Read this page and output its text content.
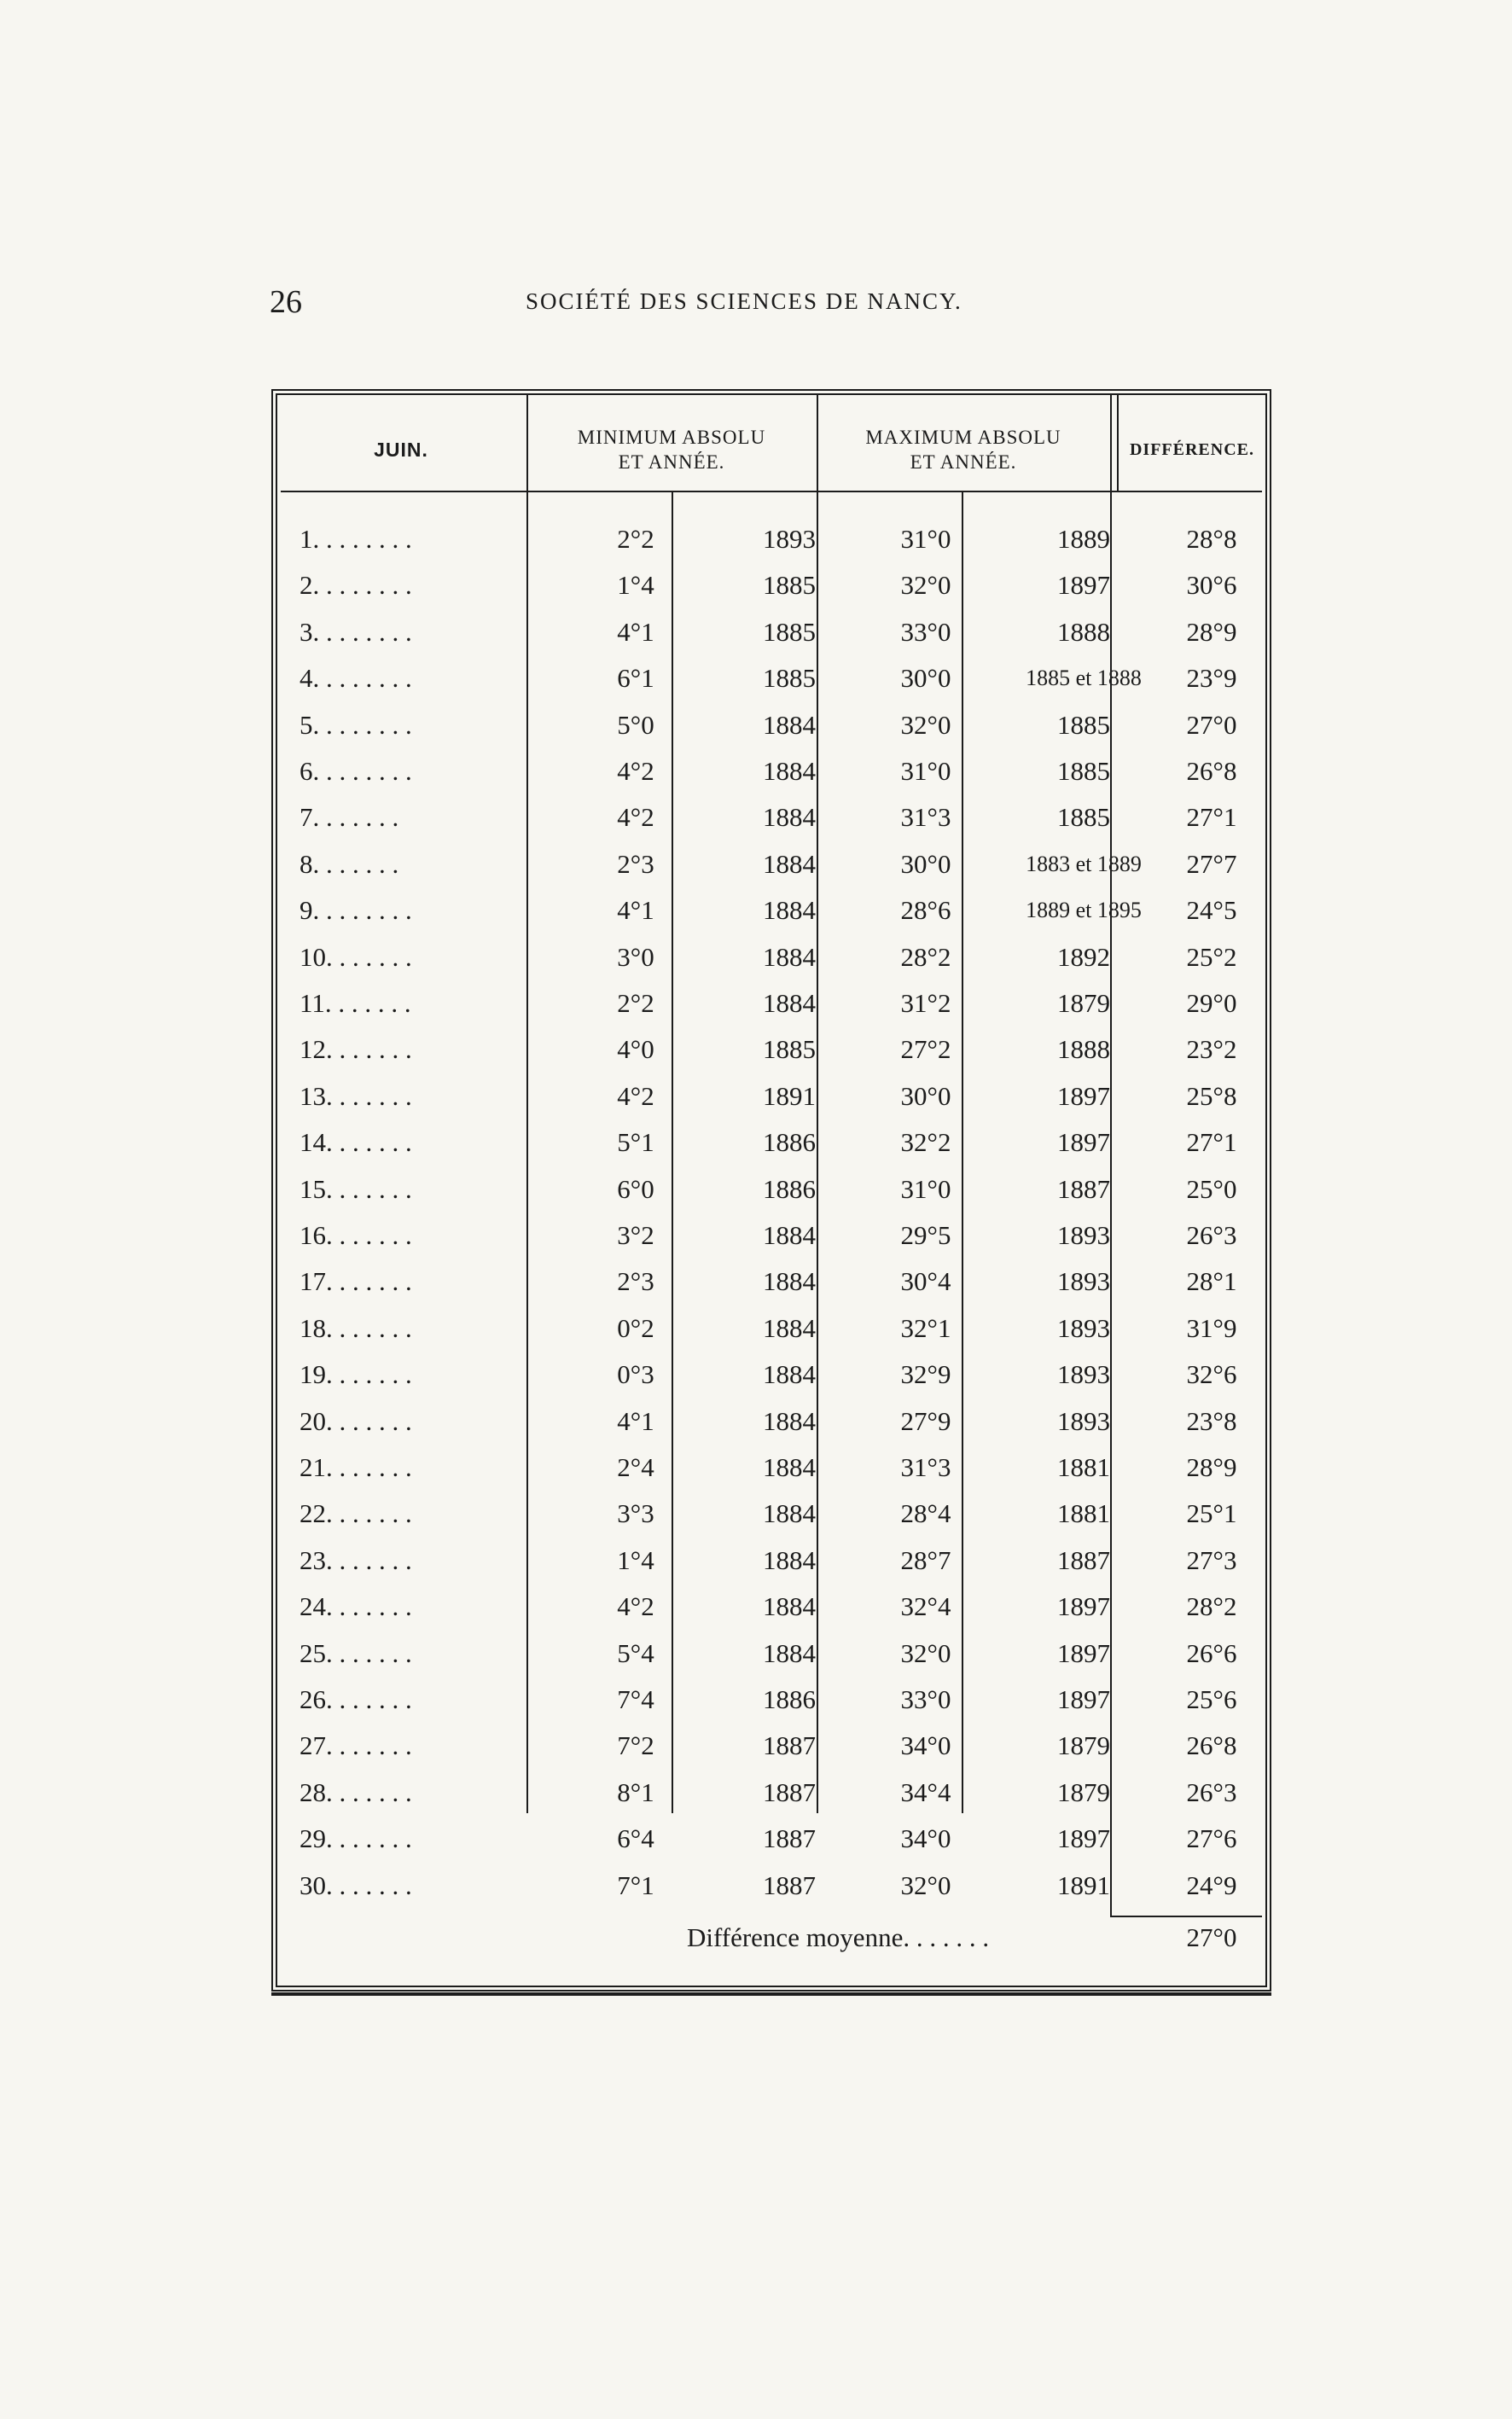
26	SOCIÉTÉ DES SCIENCES DE NANCY.
JUIN.
MINIMUM ABSOLU
ET ANNÉE.
MAXIMUM ABSOLU
ET ANNÉE.
DIFFÉRENCE.
1. . . . . . . .	2°2	1893	31°0	1889	28°8
2. . . . . . . .	1°4	1885	32°0	1897	30°6
3. . . . . . . .	4°1	1885	33°0	1888	28°9
4. . . . . . . .	6°1	1885	30°0	1885 et 1888	23°9
5. . . . . . . .	5°0	1884	32°0	1885	27°0
6. . . . . . . .	4°2	1884	31°0	1885	26°8
7. . . . . . .	4°2	1884	31°3	1885	27°1
8. . . . . . .	2°3	1884	30°0	1883 et 1889	27°7
9. . . . . . . .	4°1	1884	28°6	1889 et 1895	24°5
10. . . . . . .	3°0	1884	28°2	1892	25°2
11. . . . . . .	2°2	1884	31°2	1879	29°0
12. . . . . . .	4°0	1885	27°2	1888	23°2
13. . . . . . .	4°2	1891	30°0	1897	25°8
14. . . . . . .	5°1	1886	32°2	1897	27°1
15. . . . . . .	6°0	1886	31°0	1887	25°0
16. . . . . . .	3°2	1884	29°5	1893	26°3
17. . . . . . .	2°3	1884	30°4	1893	28°1
18. . . . . . .	0°2	1884	32°1	1893	31°9
19. . . . . . .	0°3	1884	32°9	1893	32°6
20. . . . . . .	4°1	1884	27°9	1893	23°8
21. . . . . . .	2°4	1884	31°3	1881	28°9
22. . . . . . .	3°3	1884	28°4	1881	25°1
23. . . . . . .	1°4	1884	28°7	1887	27°3
24. . . . . . .	4°2	1884	32°4	1897	28°2
25. . . . . . .	5°4	1884	32°0	1897	26°6
26. . . . . . .	7°4	1886	33°0	1897	25°6
27. . . . . . .	7°2	1887	34°0	1879	26°8
28. . . . . . .	8°1	1887	34°4	1879	26°3
29. . . . . . .	6°4	1887	34°0	1897	27°6
30. . . . . . .	7°1	1887	32°0	1891	24°9
Différence moyenne. . . . . . .	27°0
